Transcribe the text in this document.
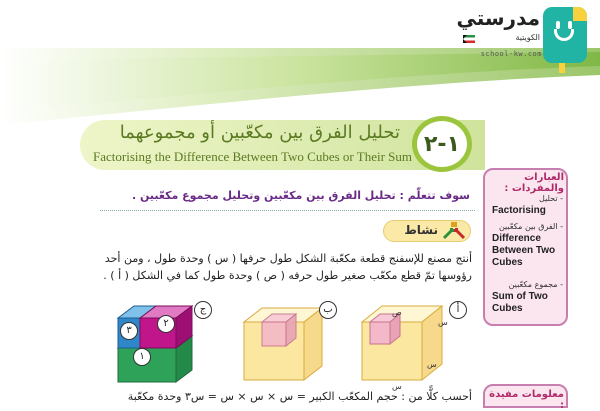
مدرستي
الكويتية
school-kw.com
تحليل الفرق بين مكعّبين أو مجموعهما
Factorising the Difference Between Two Cubes or Their Sum ١-٢
العبارات والمفردات :
- تحليل
Factorising
- الفرق بين مكعّبين
Difference Between Two Cubes
- مجموع مكعّبين
Sum of Two Cubes
معلومات مفيدة :
سوف تتعلّم : تحليل الفرق بين مكعّبين وتحليل مجموع مكعّبين .
نشاط
أنتج مصنع للإسفنج قطعة مكعّبة الشكل طول حرفها ( س ) وحدة طول ، ومن أحد رؤوسها تمّ قطع مكعّب صغير طول حرفه ( ص ) وحدة طول كما في الشكل ( أ ) .
ص
س
س
س
أ
ب
١
٢
٣
ج
أحسب كلًّا من : حجم المكعّب الكبير = س × س × س = س٣ وحدة مكعّبة
